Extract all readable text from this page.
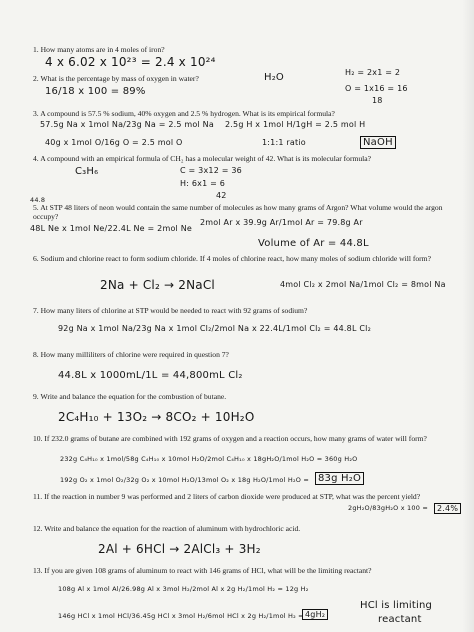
1. How many atoms are in 4 moles of iron?
4 x 6.02 x 10²³ = 2.4 x 10²⁴
2. What is the percentage by mass of oxygen in water?	H₂O
16/18 x 100 = 89%
H₂ = 2x1 = 2
O = 1x16 = 16
18
3. A compound is 57.5 % sodium, 40% oxygen and 2.5 % hydrogen. What is its empirical formula?
57.5g Na x 1mol Na/23g Na = 2.5 mol Na 2.5g H x 1mol H/1gH = 2.5 mol H
40g x 1mol O/16g O = 2.5 mol O	1:1:1 ratio	NaOH
4. A compound with an empirical formula of CH₂ has a molecular weight of 42. What is its molecular formula?
C₃H₆	C = 3x12 = 36
H: 6x1 = 6
42
44.8
5. At STP 48 liters of neon would contain the same number of molecules as how many grams of Argon? What volume would the argon occupy?
48L Ne x 1mol Ne/22.4L Ne = 2mol Ne
2mol Ar x 39.9g Ar/1mol Ar = 79.8g Ar
Volume of Ar = 44.8L
6. Sodium and chlorine react to form sodium chloride. If 4 moles of chlorine react, how many moles of sodium chloride will form?
2Na + Cl₂ → 2NaCl	4mol Cl₂ x 2mol Na/1mol Cl₂ = 8mol Na
7. How many liters of chlorine at STP would be needed to react with 92 grams of sodium?
92g Na x 1mol Na/23g Na x 1mol Cl₂/2mol Na x 22.4L/1mol Cl₂ = 44.8L Cl₂
8. How many milliliters of chlorine were required in question 7?
44.8L x 1000mL/1L = 44,800mL Cl₂
9. Write and balance the equation for the combustion of butane.
2C₄H₁₀ + 13O₂ → 8CO₂ + 10H₂O
10. If 232.0 grams of butane are combined with 192 grams of oxygen and a reaction occurs, how many grams of water will form?
232g C₄H₁₀ x 1mol/58g C₄H₁₀ x 10mol H₂O/2mol C₄H₁₀ x 18gH₂O/1mol H₂O = 360g H₂O
192g O₂ x 1mol O₂/32g O₂ x 10mol H₂O/13mol O₂ x 18g H₂O/1mol H₂O = 83g H₂O
11. If the reaction in number 9 was performed and 2 liters of carbon dioxide were produced at STP, what was the percent yield?
2gH₂O/83gH₂O x 100 =	2.4%
12. Write and balance the equation for the reaction of aluminum with hydrochloric acid.
2Al + 6HCl → 2AlCl₃ + 3H₂
13. If you are given 108 grams of aluminum to react with 146 grams of HCl, what will be the limiting reactant?
108g Al x 1mol Al/26.98g Al x 3mol H₂/2mol Al x 2g H₂/1mol H₂ = 12g H₂
146g HCl x 1mol HCl/36.45g HCl x 3mol H₂/6mol HCl x 2g H₂/1mol H₂ = 4gH₂
HCl is limiting
reactant
